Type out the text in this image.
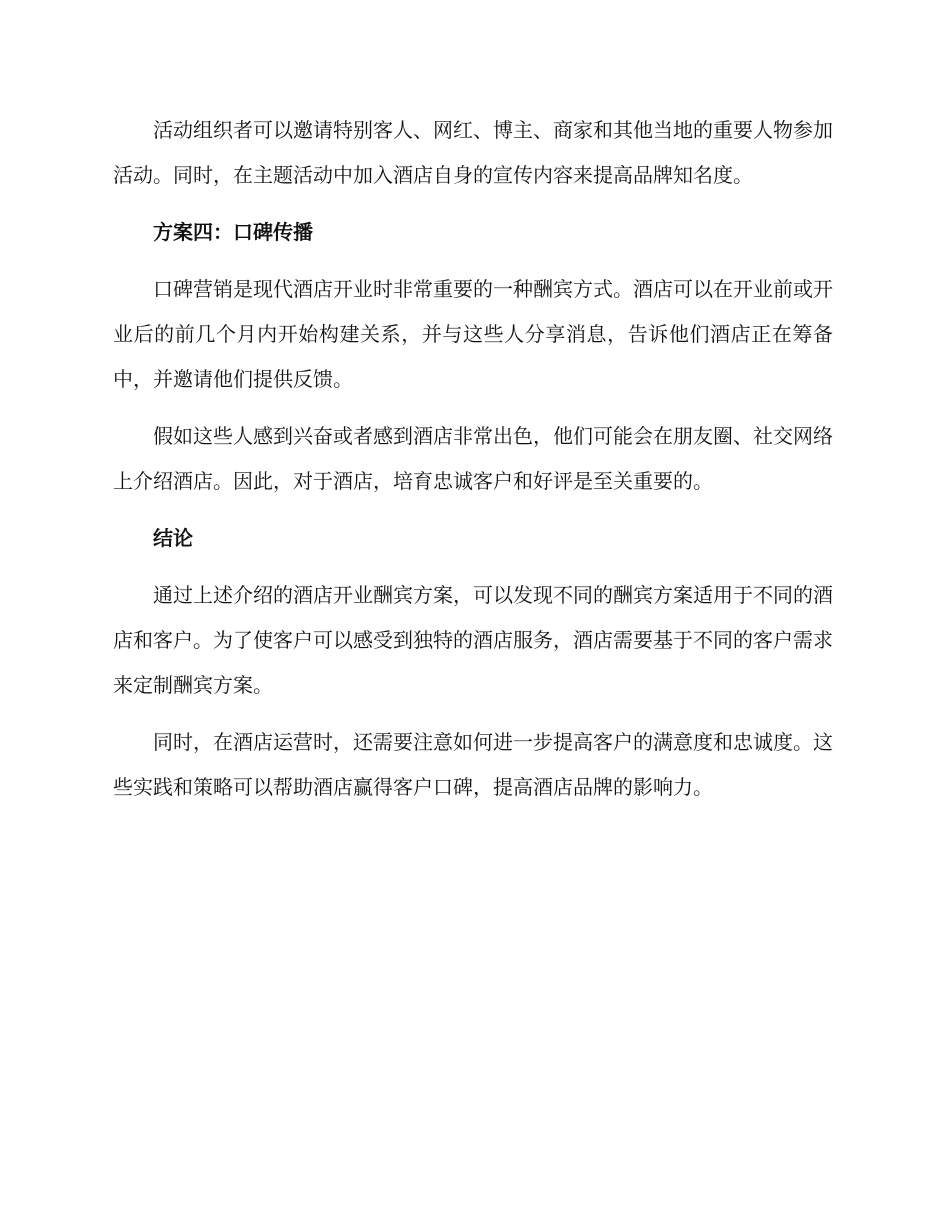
活动组织者可以邀请特别客人、网红、博主、商家和其他当地的重要人物参加活动。同时，在主题活动中加入酒店自身的宣传内容来提高品牌知名度。

方案四：口碑传播

口碑营销是现代酒店开业时非常重要的一种酬宾方式。酒店可以在开业前或开业后的前几个月内开始构建关系，并与这些人分享消息，告诉他们酒店正在筹备中，并邀请他们提供反馈。

假如这些人感到兴奋或者感到酒店非常出色，他们可能会在朋友圈、社交网络上介绍酒店。因此，对于酒店，培育忠诚客户和好评是至关重要的。

结论

通过上述介绍的酒店开业酬宾方案，可以发现不同的酬宾方案适用于不同的酒店和客户。为了使客户可以感受到独特的酒店服务，酒店需要基于不同的客户需求来定制酬宾方案。

同时，在酒店运营时，还需要注意如何进一步提高客户的满意度和忠诚度。这些实践和策略可以帮助酒店赢得客户口碑，提高酒店品牌的影响力。
